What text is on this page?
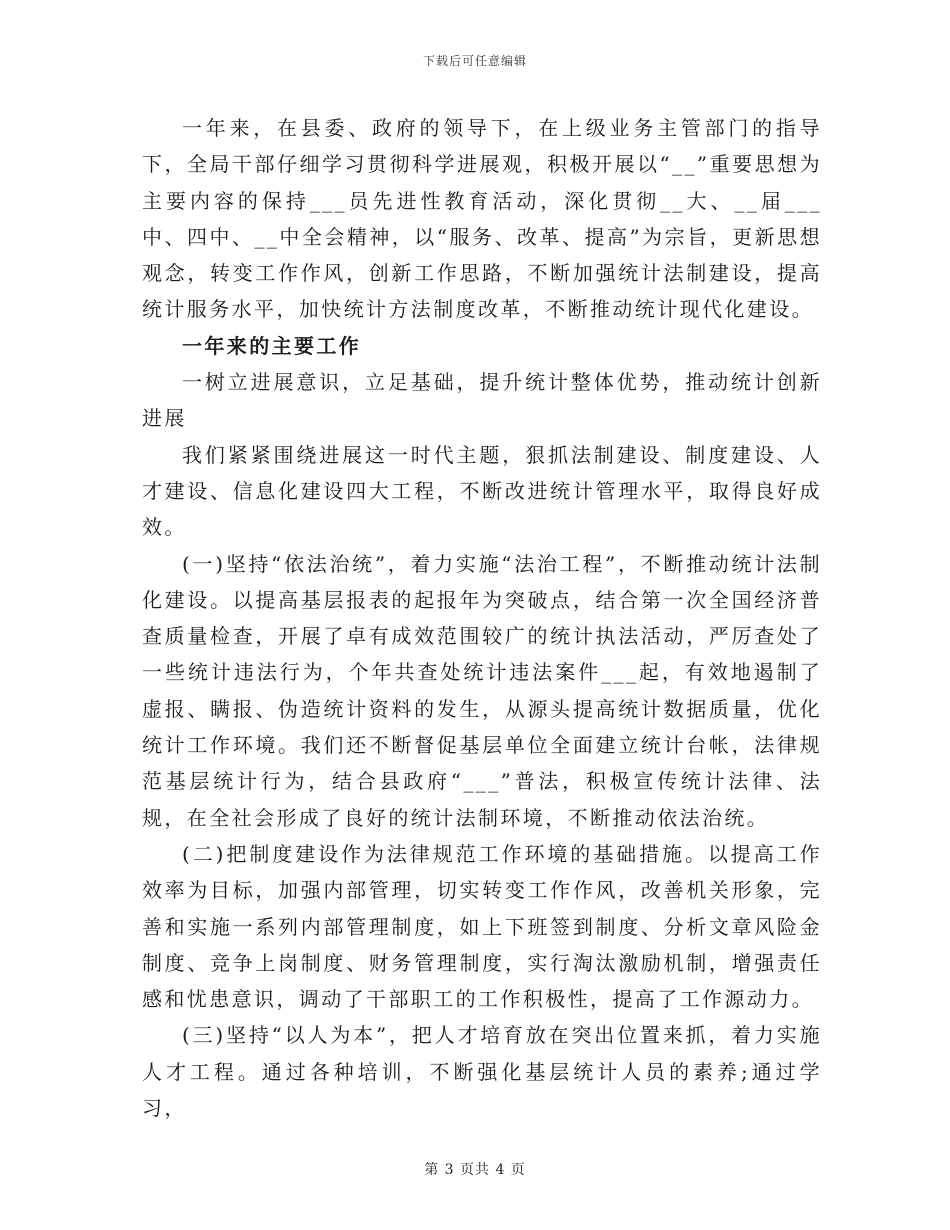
下载后可任意编辑

一年来，在县委、政府的领导下，在上级业务主管部门的指导下，全局干部仔细学习贯彻科学进展观，积极开展以“__”重要思想为主要内容的保持___员先进性教育活动，深化贯彻__大、__届___中、四中、__中全会精神，以“服务、改革、提高”为宗旨，更新思想观念，转变工作作风，创新工作思路，不断加强统计法制建设，提高统计服务水平，加快统计方法制度改革，不断推动统计现代化建设。

一年来的主要工作

一树立进展意识，立足基础，提升统计整体优势，推动统计创新进展

我们紧紧围绕进展这一时代主题，狠抓法制建设、制度建设、人才建设、信息化建设四大工程，不断改进统计管理水平，取得良好成效。

(一)坚持“依法治统”，着力实施“法治工程”，不断推动统计法制化建设。以提高基层报表的起报年为突破点，结合第一次全国经济普查质量检查，开展了卓有成效范围较广的统计执法活动，严厉查处了一些统计违法行为，个年共查处统计违法案件___起，有效地遏制了虚报、瞒报、伪造统计资料的发生，从源头提高统计数据质量，优化统计工作环境。我们还不断督促基层单位全面建立统计台帐，法律规范基层统计行为，结合县政府“___”普法，积极宣传统计法律、法规，在全社会形成了良好的统计法制环境，不断推动依法治统。

(二)把制度建设作为法律规范工作环境的基础措施。以提高工作效率为目标，加强内部管理，切实转变工作作风，改善机关形象，完善和实施一系列内部管理制度，如上下班签到制度、分析文章风险金制度、竞争上岗制度、财务管理制度，实行淘汰激励机制，增强责任感和忧患意识，调动了干部职工的工作积极性，提高了工作源动力。

(三)坚持“以人为本”，把人才培育放在突出位置来抓，着力实施人才工程。通过各种培训，不断强化基层统计人员的素养;通过学习，

第 3 页共 4 页
